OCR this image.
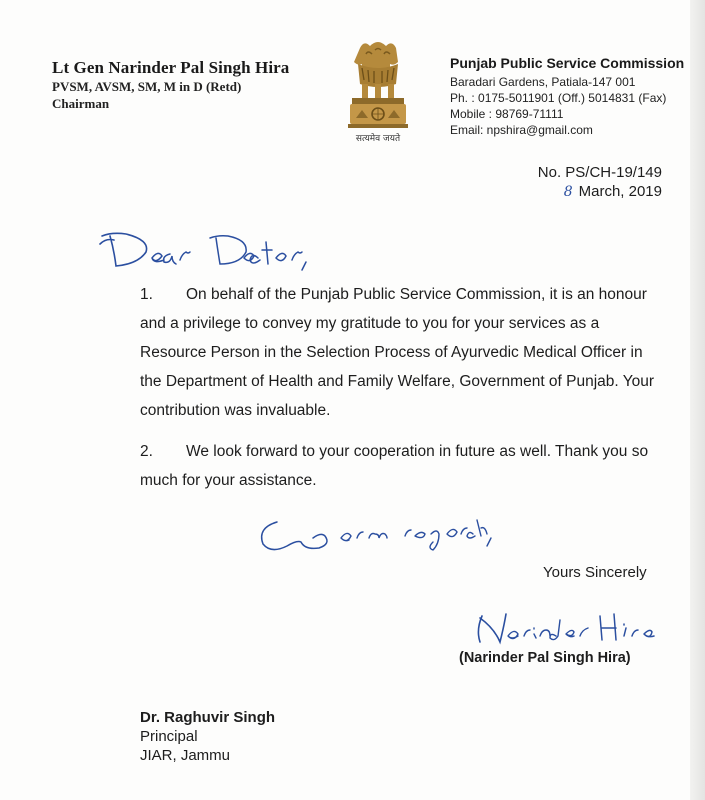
Lt Gen Narinder Pal Singh Hira
PVSM, AVSM, SM, M in D (Retd)
Chairman
सत्यमेव जयते
Punjab Public Service Commission
Baradari Gardens, Patiala-147 001
Ph. : 0175-5011901 (Off.) 5014831 (Fax)
Mobile : 98769-71111
Email: npshira@gmail.com
No. PS/CH-19/149
8 March, 2019
1. On behalf of the Punjab Public Service Commission, it is an honour and a privilege to convey my gratitude to you for your services as a Resource Person in the Selection Process of Ayurvedic Medical Officer in the Department of Health and Family Welfare, Government of Punjab. Your contribution was invaluable.
2. We look forward to your cooperation in future as well. Thank you so much for your assistance.
Yours Sincerely
(Narinder Pal Singh Hira)
Dr. Raghuvir Singh
Principal
JIAR, Jammu
